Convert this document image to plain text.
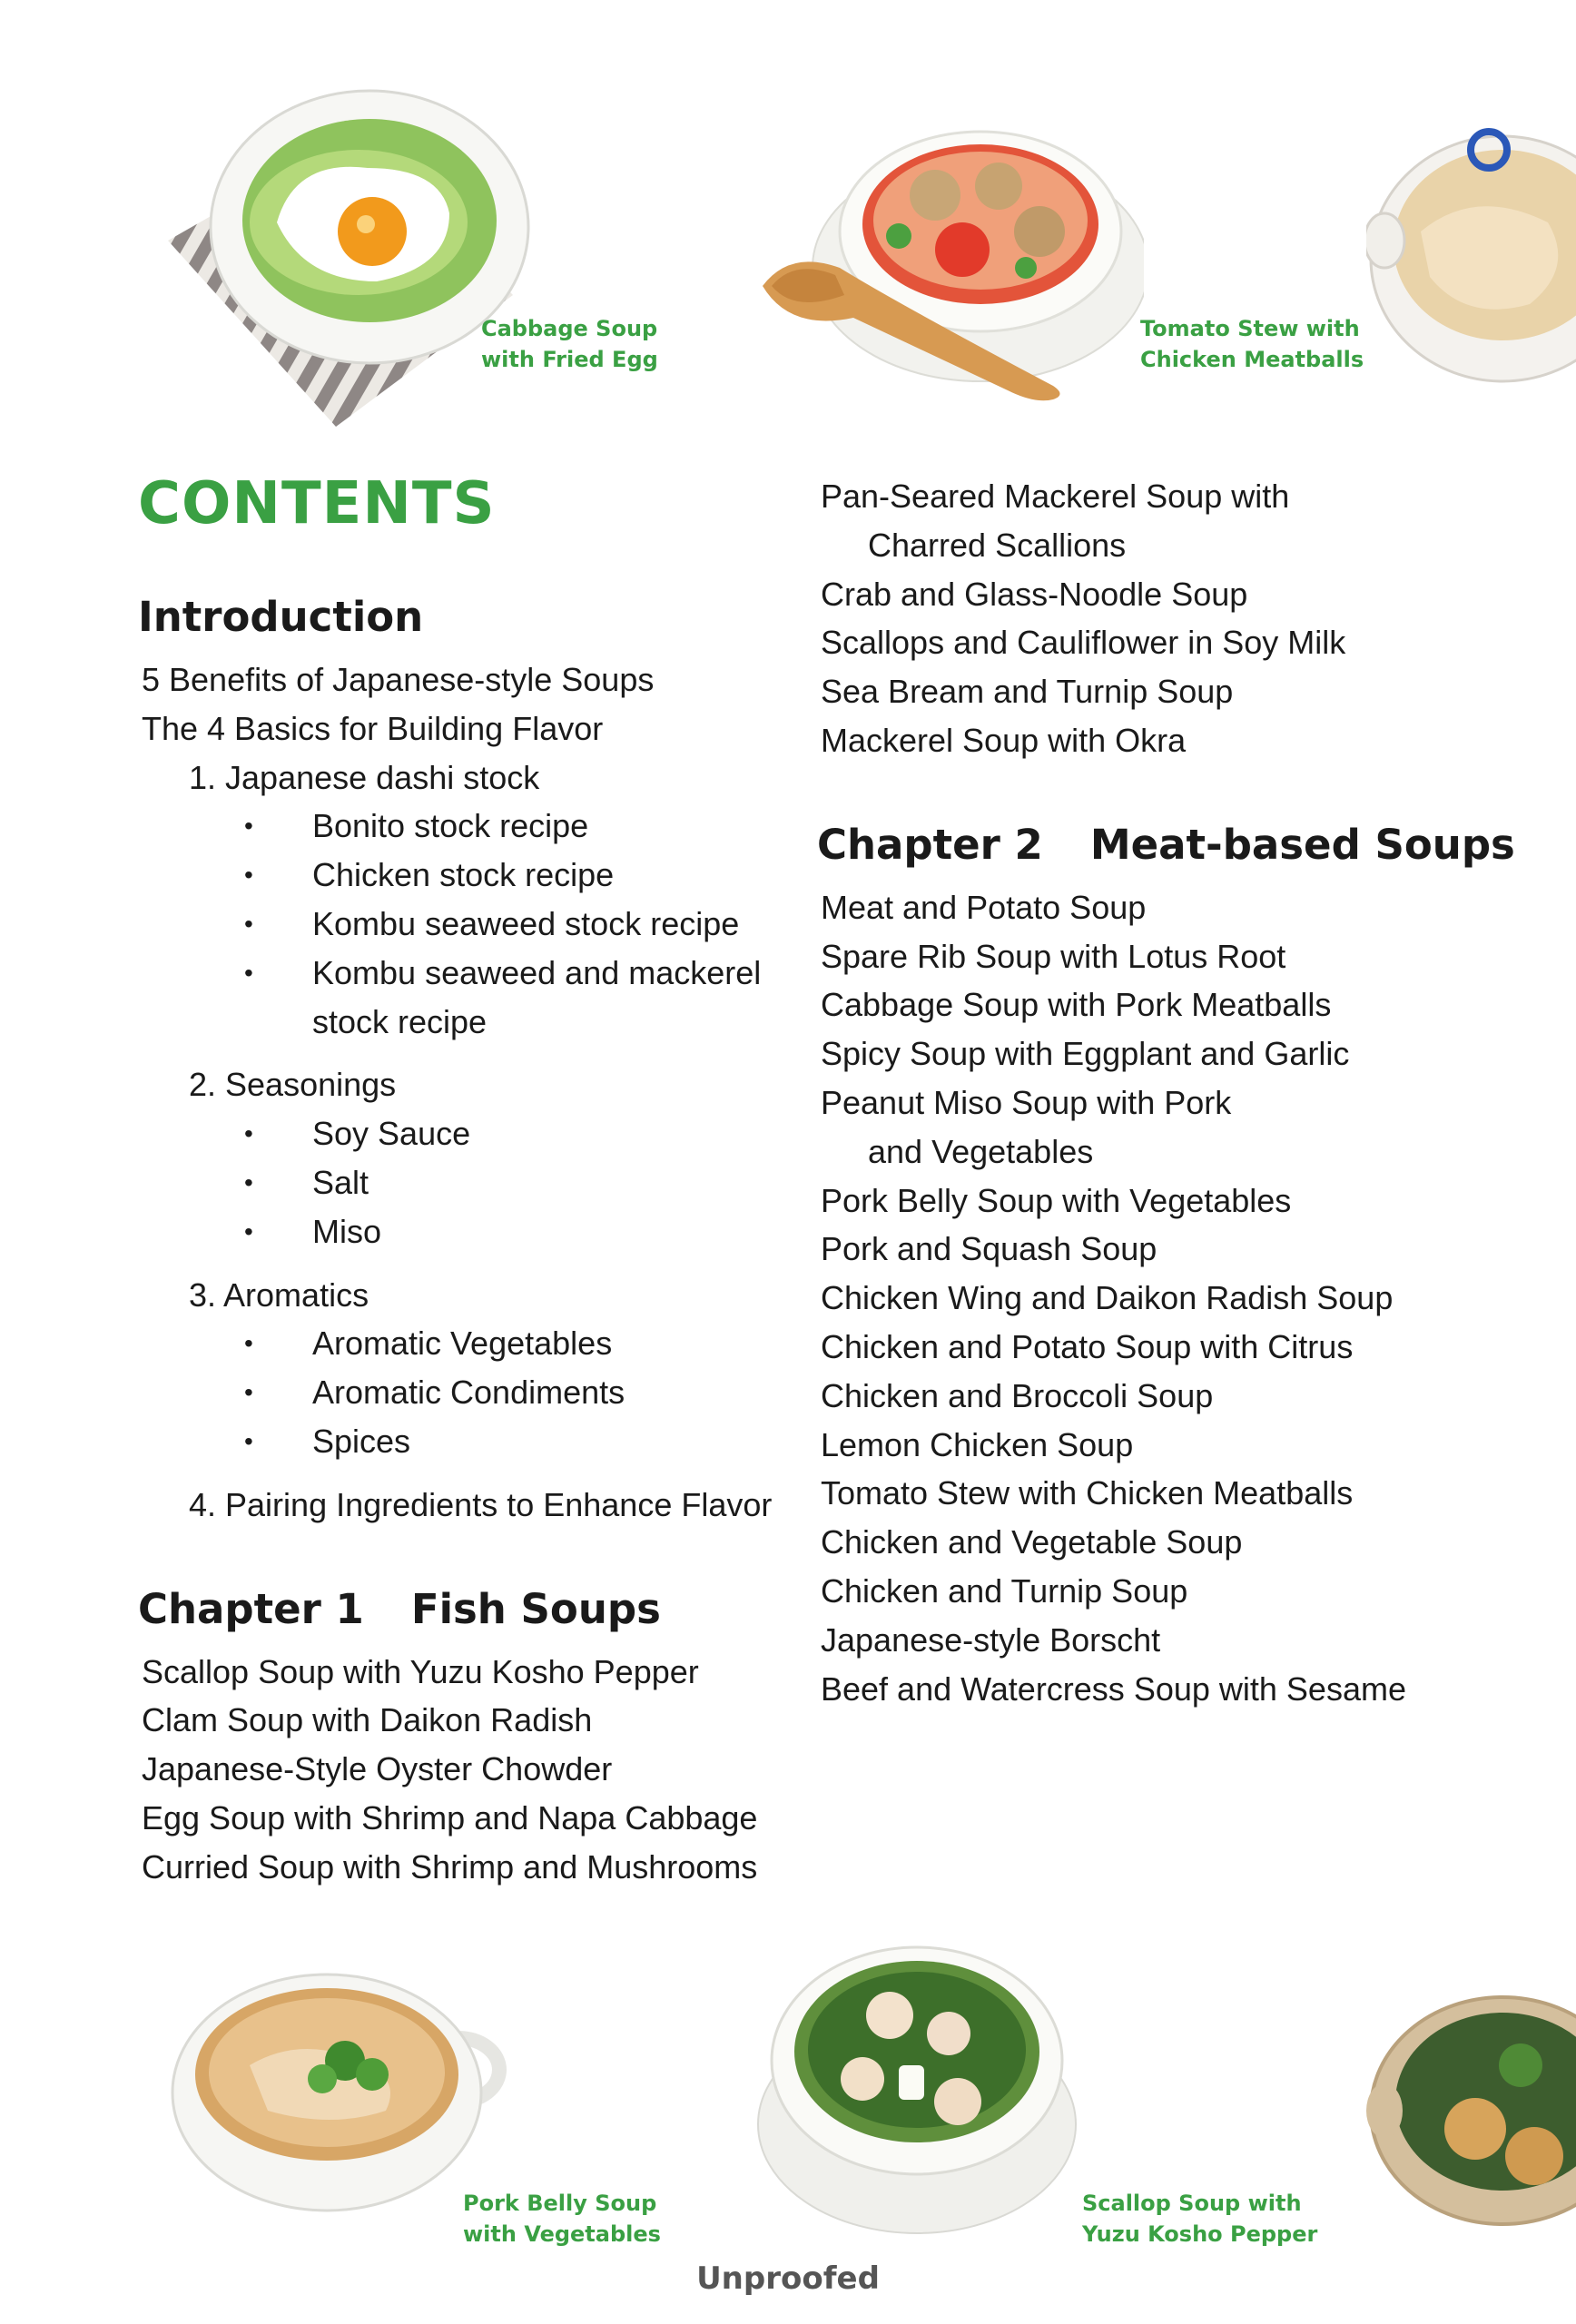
Cabbage Soup
with Fried Egg

Tomato Stew with
Chicken Meatballs

Pork Belly Soup
with Vegetables

Scallop Soup with
Yuzu Kosho Pepper

CONTENTS
Introduction
5 Benefits of Japanese-style Soups
The 4 Basics for Building Flavor
1. Japanese dashi stock
• Bonito stock recipe
• Chicken stock recipe
• Kombu seaweed stock recipe
• Kombu seaweed and mackerel
stock recipe
2. Seasonings
• Soy Sauce
• Salt
• Miso
3. Aromatics
• Aromatic Vegetables
• Aromatic Condiments
• Spices
4. Pairing Ingredients to Enhance Flavor
Chapter 1 Fish Soups
Scallop Soup with Yuzu Kosho Pepper
Clam Soup with Daikon Radish
Japanese-Style Oyster Chowder
Egg Soup with Shrimp and Napa Cabbage
Curried Soup with Shrimp and Mushrooms
Pan-Seared Mackerel Soup with
Charred Scallions
Crab and Glass-Noodle Soup
Scallops and Cauliflower in Soy Milk
Sea Bream and Turnip Soup
Mackerel Soup with Okra
Chapter 2 Meat-based Soups
Meat and Potato Soup
Spare Rib Soup with Lotus Root
Cabbage Soup with Pork Meatballs
Spicy Soup with Eggplant and Garlic
Peanut Miso Soup with Pork
and Vegetables
Pork Belly Soup with Vegetables
Pork and Squash Soup
Chicken Wing and Daikon Radish Soup
Chicken and Potato Soup with Citrus
Chicken and Broccoli Soup
Lemon Chicken Soup
Tomato Stew with Chicken Meatballs
Chicken and Vegetable Soup
Chicken and Turnip Soup
Japanese-style Borscht
Beef and Watercress Soup with Sesame

Unproofed
